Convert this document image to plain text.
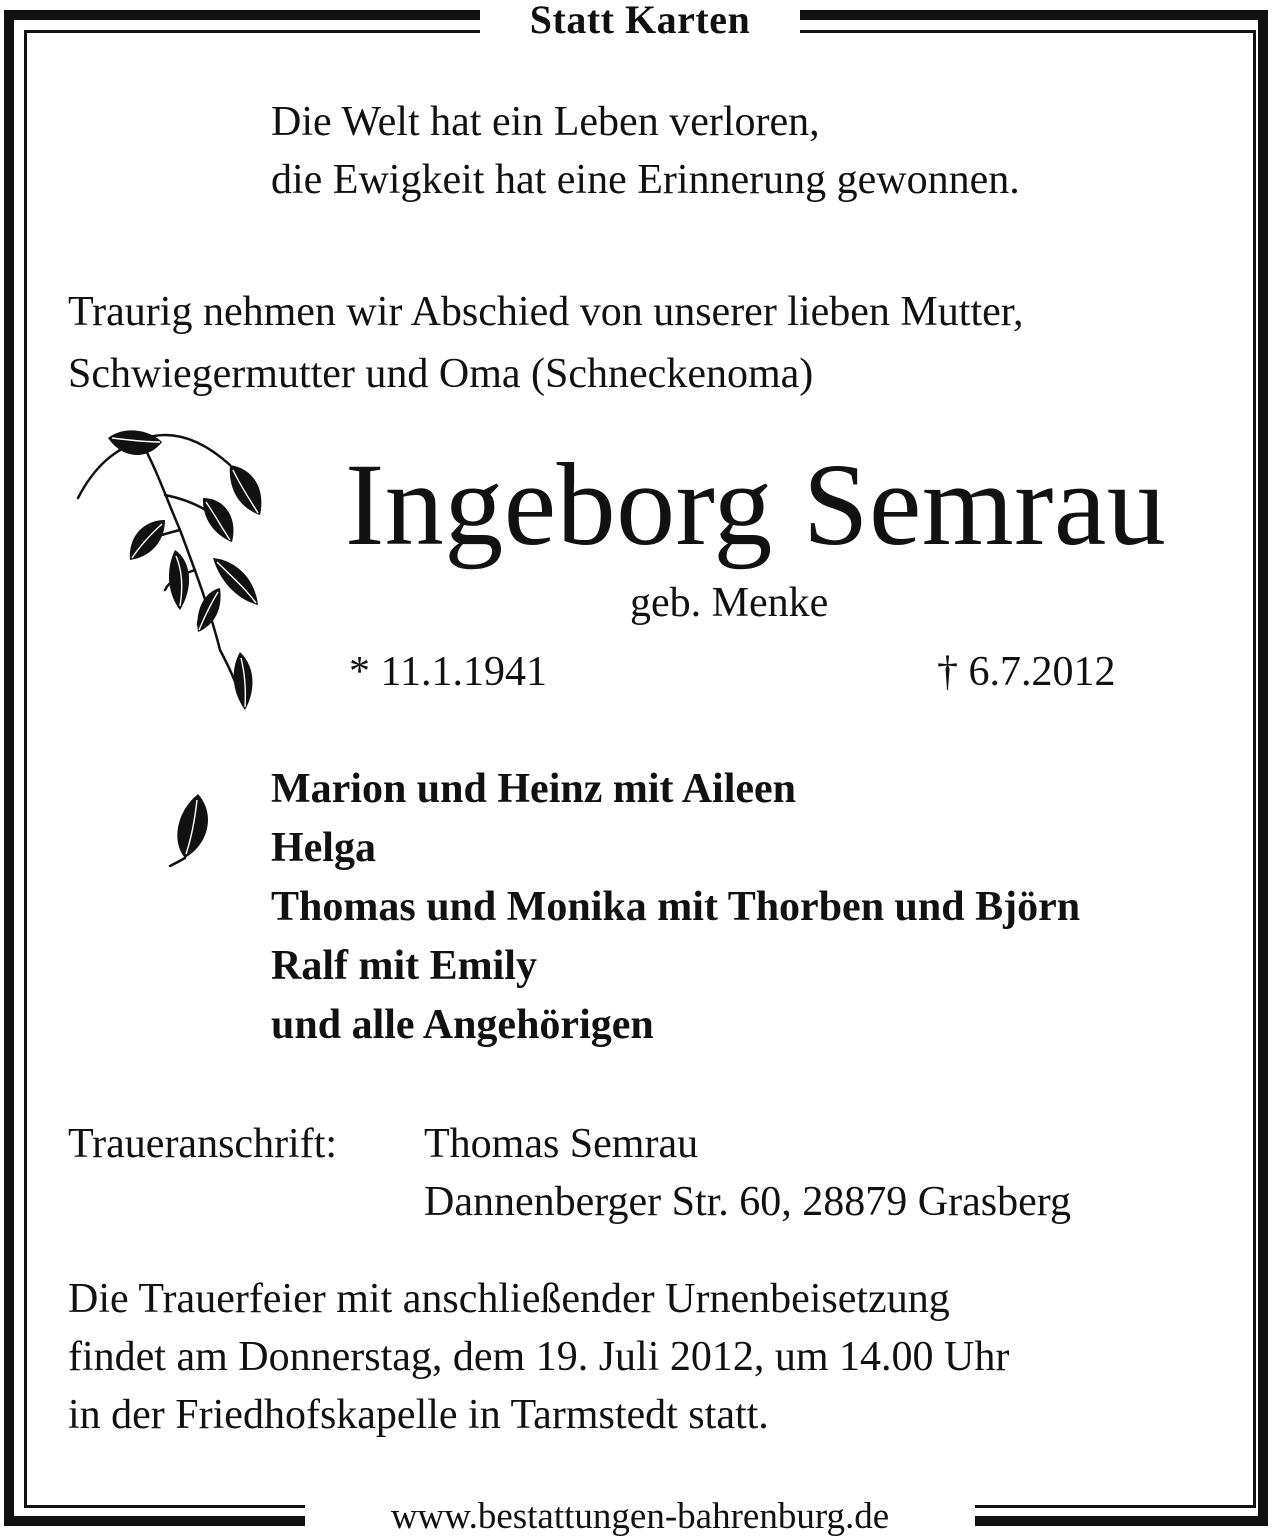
Statt Karten
Die Welt hat ein Leben verloren,
die Ewigkeit hat eine Erinnerung gewonnen.
Traurig nehmen wir Abschied von unserer lieben Mutter,
Schwiegermutter und Oma (Schneckenoma)
Ingeborg Semrau
geb. Menke
* 11.1.1941	† 6.7.2012
Marion und Heinz mit Aileen
Helga
Thomas und Monika mit Thorben und Björn
Ralf mit Emily
und alle Angehörigen
Traueranschrift: Thomas Semrau
Dannenberger Str. 60, 28879 Grasberg
Die Trauerfeier mit anschließender Urnenbeisetzung
findet am Donnerstag, dem 19. Juli 2012, um 14.00 Uhr
in der Friedhofskapelle in Tarmstedt statt.
www.bestattungen-bahrenburg.de
